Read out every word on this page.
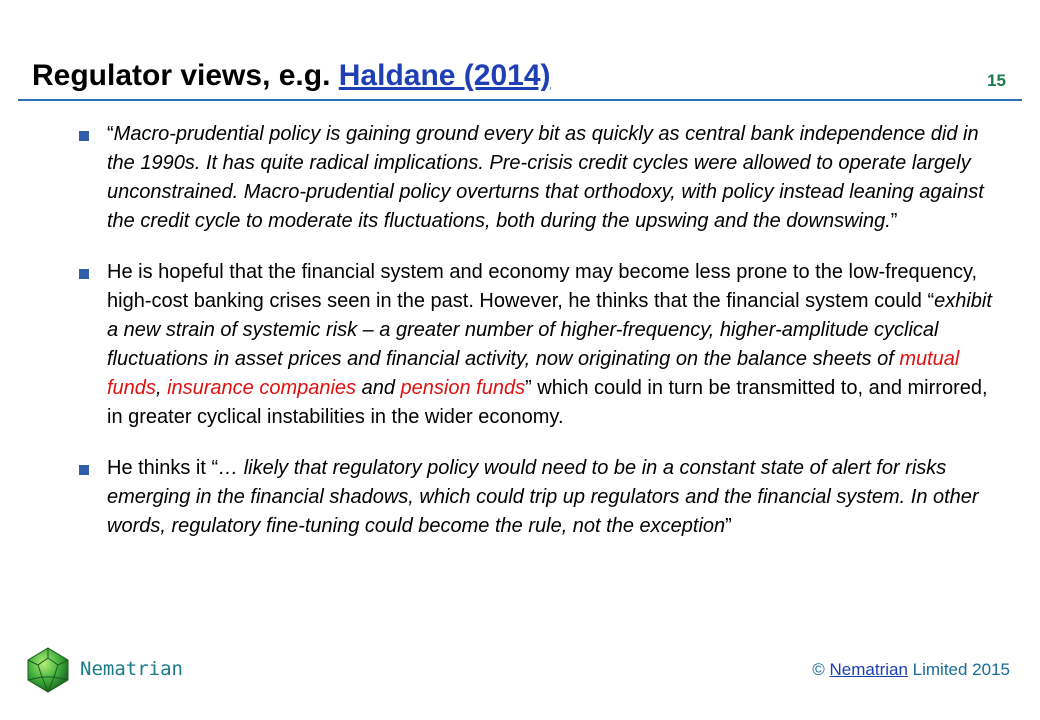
Regulator views, e.g. Haldane (2014)	15
“Macro-prudential policy is gaining ground every bit as quickly as central bank independence did in the 1990s. It has quite radical implications. Pre-crisis credit cycles were allowed to operate largely unconstrained. Macro-prudential policy overturns that orthodoxy, with policy instead leaning against the credit cycle to moderate its fluctuations, both during the upswing and the downswing.”
He is hopeful that the financial system and economy may become less prone to the low-frequency, high-cost banking crises seen in the past. However, he thinks that the financial system could “exhibit a new strain of systemic risk – a greater number of higher-frequency, higher-amplitude cyclical fluctuations in asset prices and financial activity, now originating on the balance sheets of mutual funds, insurance companies and pension funds” which could in turn be transmitted to, and mirrored, in greater cyclical instabilities in the wider economy.
He thinks it “… likely that regulatory policy would need to be in a constant state of alert for risks emerging in the financial shadows, which could trip up regulators and the financial system. In other words, regulatory fine-tuning could become the rule, not the exception”
Nematrian	© Nematrian Limited 2015
